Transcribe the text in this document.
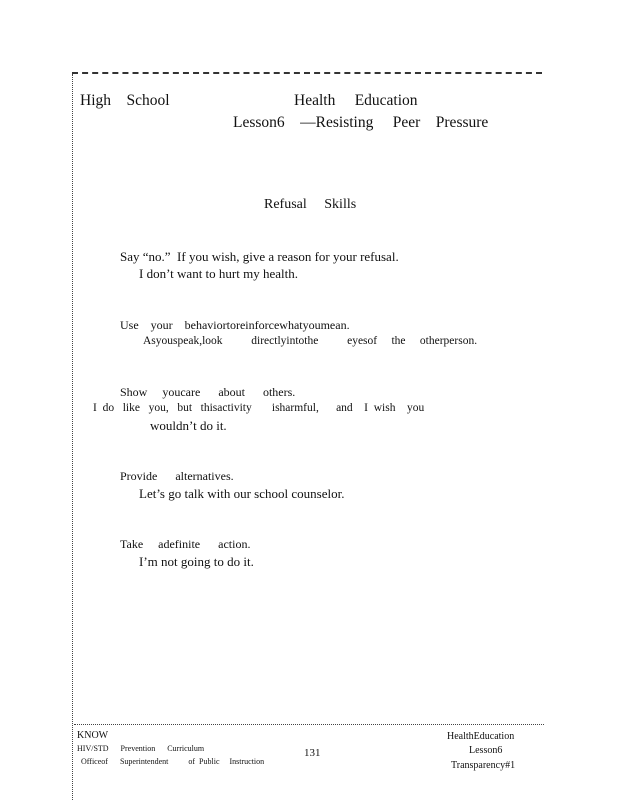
High    School	Health     Education
Lesson6    —Resisting     Peer    Pressure
Refusal     Skills
Say “no.”  If you wish, give a reason for your refusal.
I don’t want to hurt my health.
Use    your    behaviortoreinforcewhatyoumean.
Asyouspeak,look          directlyintothe          eyesof     the     otherperson.
Show     youcare      about      others.
I  do   like   you,   but   thisactivity       isharmful,      and    I  wish    you
wouldn’t do it.
Provide      alternatives.
Let’s go talk with our school counselor.
Take     adefinite      action.
I’m not going to do it.
KNOW
HIV/STD      Prevention      Curriculum
Officeof      Superintendent          of  Public     Instruction
131
HealthEducation
Lesson6
Transparency#1
